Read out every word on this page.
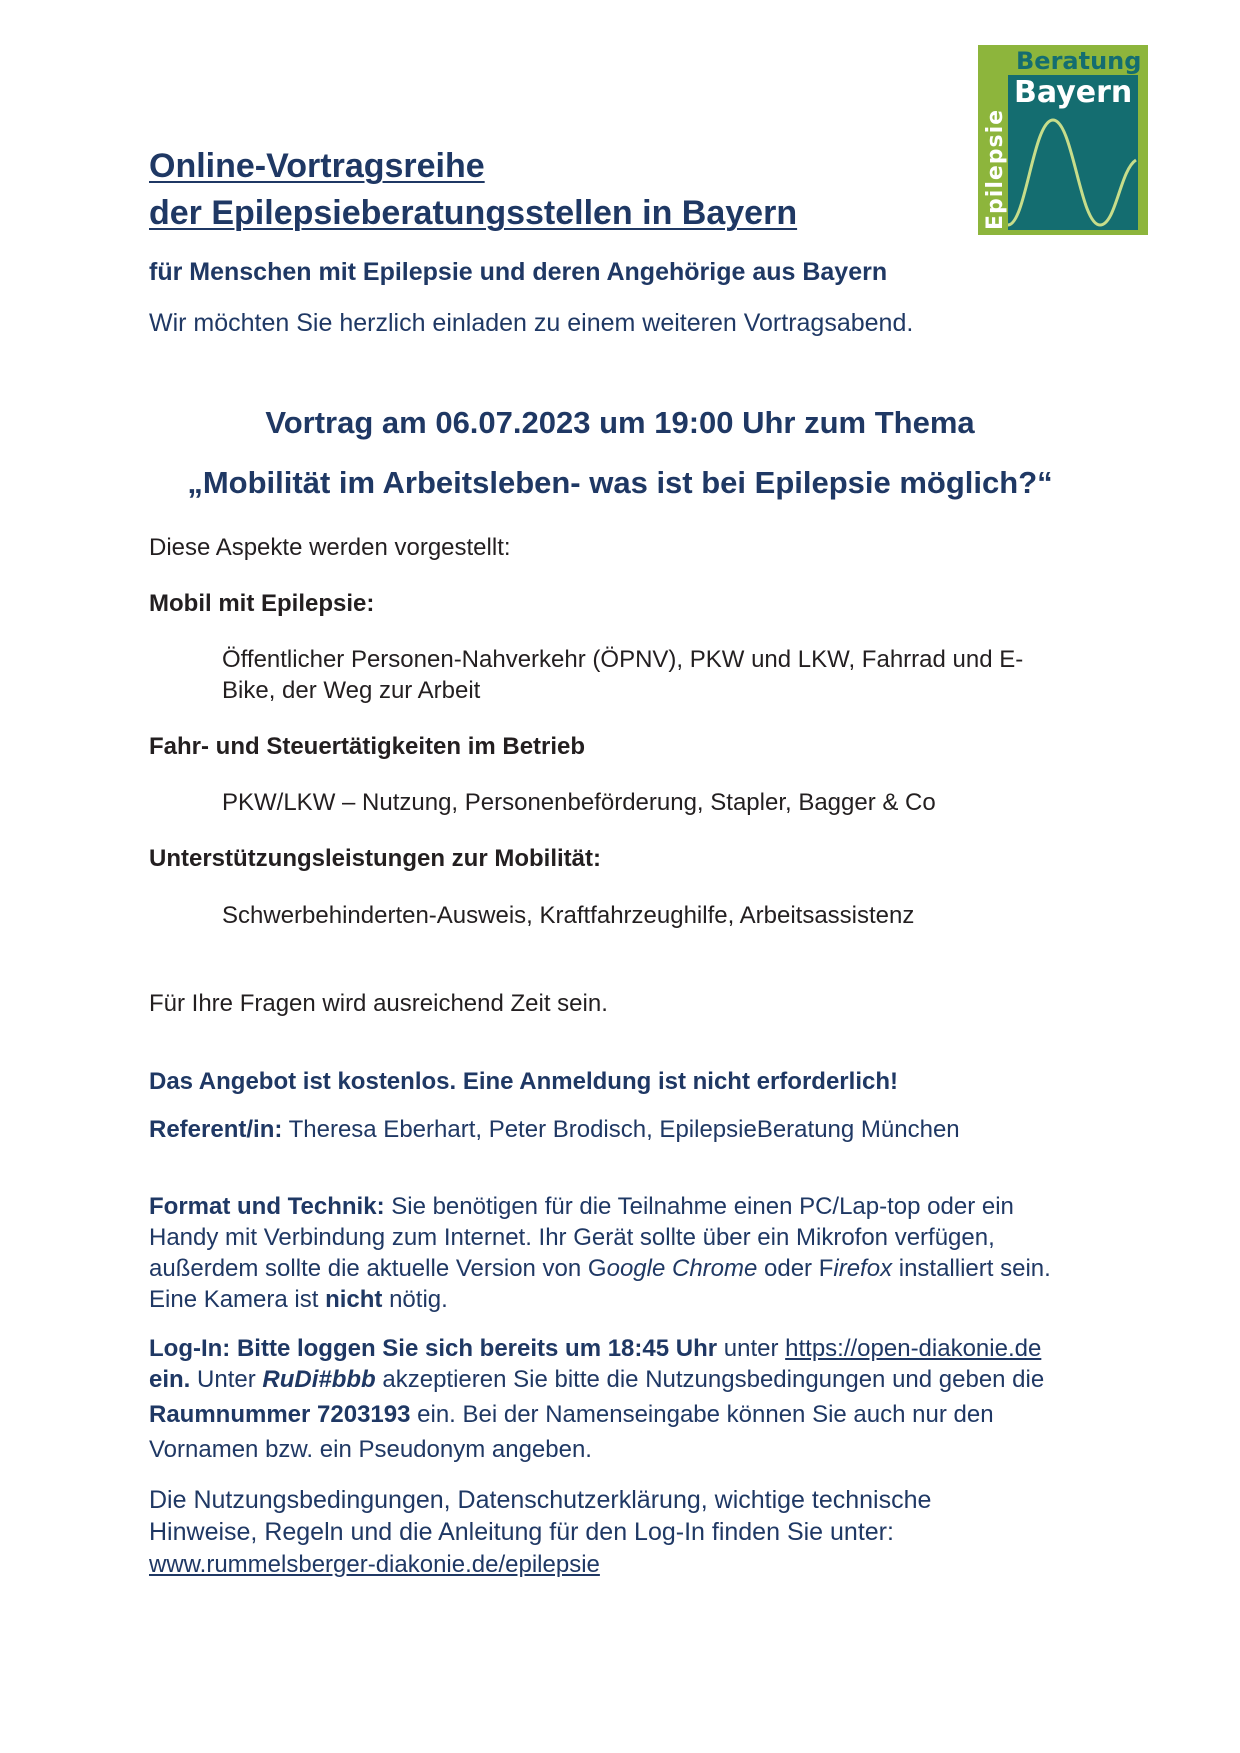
Beratung
Bayern
Epilepsie
Online-Vortragsreihe
der Epilepsieberatungsstellen in Bayern
für Menschen mit Epilepsie und deren Angehörige aus Bayern
Wir möchten Sie herzlich einladen zu einem weiteren Vortragsabend.
Vortrag am 06.07.2023 um 19:00 Uhr zum Thema
„Mobilität im Arbeitsleben- was ist bei Epilepsie möglich?“
Diese Aspekte werden vorgestellt:
Mobil mit Epilepsie:
Öffentlicher Personen-Nahverkehr (ÖPNV), PKW und LKW, Fahrrad und E-
Bike, der Weg zur Arbeit
Fahr- und Steuertätigkeiten im Betrieb
PKW/LKW – Nutzung, Personenbeförderung, Stapler, Bagger & Co
Unterstützungsleistungen zur Mobilität:
Schwerbehinderten-Ausweis, Kraftfahrzeughilfe, Arbeitsassistenz
Für Ihre Fragen wird ausreichend Zeit sein.
Das Angebot ist kostenlos. Eine Anmeldung ist nicht erforderlich!
Referent/in: Theresa Eberhart, Peter Brodisch, EpilepsieBeratung München
Format und Technik: Sie benötigen für die Teilnahme einen PC/Lap-top oder ein
Handy mit Verbindung zum Internet. Ihr Gerät sollte über ein Mikrofon verfügen,
außerdem sollte die aktuelle Version von Google Chrome oder Firefox installiert sein.
Eine Kamera ist nicht nötig.
Log-In: Bitte loggen Sie sich bereits um 18:45 Uhr unter https://open-diakonie.de
ein. Unter RuDi#bbb akzeptieren Sie bitte die Nutzungsbedingungen und geben die
Raumnummer 7203193 ein. Bei der Namenseingabe können Sie auch nur den
Vornamen bzw. ein Pseudonym angeben.
Die Nutzungsbedingungen, Datenschutzerklärung, wichtige technische
Hinweise, Regeln und die Anleitung für den Log-In finden Sie unter:
www.rummelsberger-diakonie.de/epilepsie
